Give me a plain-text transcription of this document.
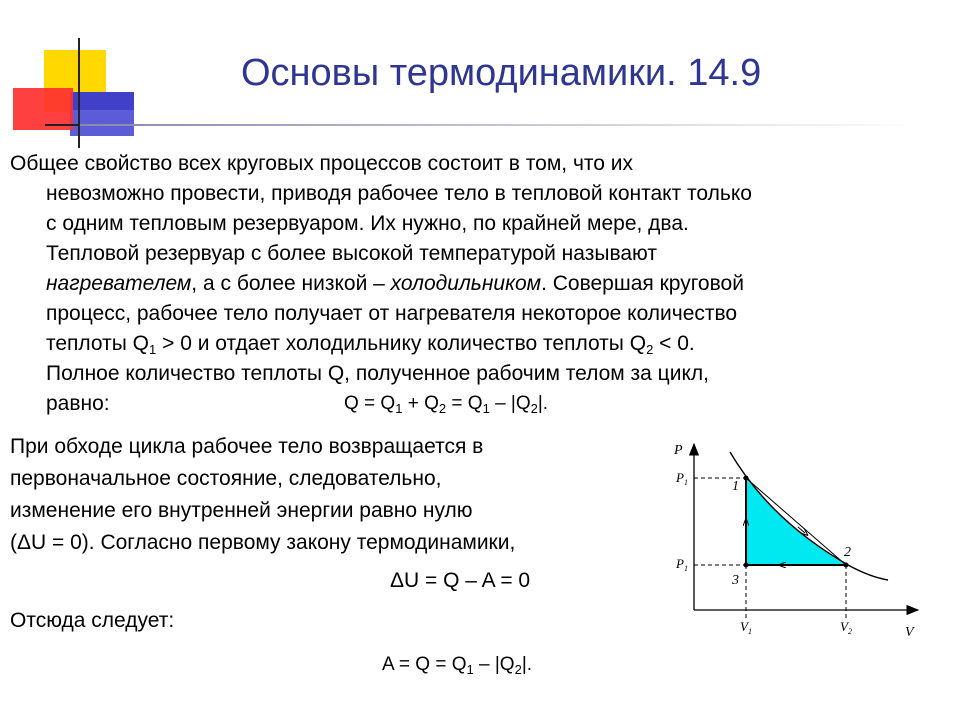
Основы термодинамики. 14.9
Общее свойство всех круговых процессов состоит в том, что их
невозможно провести, приводя рабочее тело в тепловой контакт только
с одним тепловым резервуаром. Их нужно, по крайней мере, два.
Тепловой резервуар с более высокой температурой называют
нагревателем, а с более низкой – холодильником. Совершая круговой
процесс, рабочее тело получает от нагревателя некоторое количество
теплоты $Q_1 > 0$ и отдает холодильнику количество теплоты $Q_2 < 0$.
Полное количество теплоты Q, полученное рабочим телом за цикл,
равно:	$Q = Q_1 + Q_2 = Q_1 - |Q_2|$.
При обходе цикла рабочее тело возвращается в
первоначальное состояние, следовательно,
изменение его внутренней энергии равно нулю
(ΔU = 0). Согласно первому закону термодинамики,
ΔU = Q – A = 0
Отсюда следует:
$A = Q = Q_1 - |Q_2|$.
P
V
$P_1$
$P_1$
$V_1$	$V_2$
1
2
3
